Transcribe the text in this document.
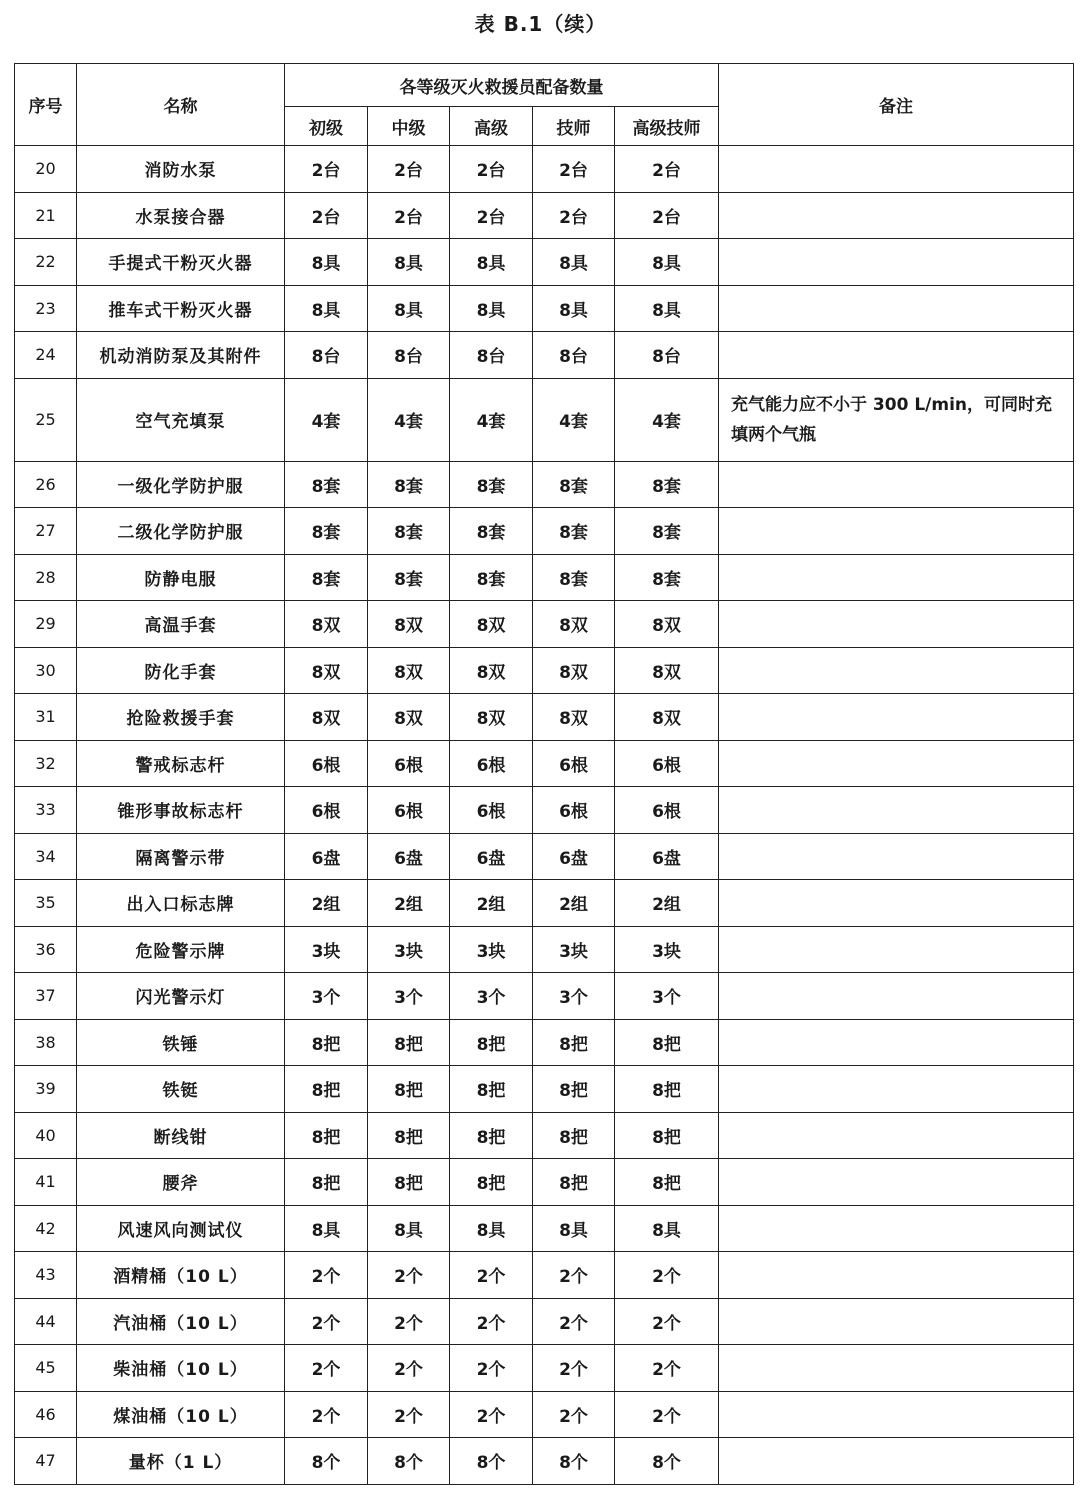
表 B.1（续）
序号	名称	各等级灭火救援员配备数量					备注
		初级	中级	高级	技师	高级技师	
20	消防水泵	2台	2台	2台	2台	2台	
21	水泵接合器	2台	2台	2台	2台	2台	
22	手提式干粉灭火器	8具	8具	8具	8具	8具	
23	推车式干粉灭火器	8具	8具	8具	8具	8具	
24	机动消防泵及其附件	8台	8台	8台	8台	8台	
25	空气充填泵	4套	4套	4套	4套	4套	充气能力应不小于 300 L/min，可同时充填两个气瓶
26	一级化学防护服	8套	8套	8套	8套	8套	
27	二级化学防护服	8套	8套	8套	8套	8套	
28	防静电服	8套	8套	8套	8套	8套	
29	高温手套	8双	8双	8双	8双	8双	
30	防化手套	8双	8双	8双	8双	8双	
31	抢险救援手套	8双	8双	8双	8双	8双	
32	警戒标志杆	6根	6根	6根	6根	6根	
33	锥形事故标志杆	6根	6根	6根	6根	6根	
34	隔离警示带	6盘	6盘	6盘	6盘	6盘	
35	出入口标志牌	2组	2组	2组	2组	2组	
36	危险警示牌	3块	3块	3块	3块	3块	
37	闪光警示灯	3个	3个	3个	3个	3个	
38	铁锤	8把	8把	8把	8把	8把	
39	铁铤	8把	8把	8把	8把	8把	
40	断线钳	8把	8把	8把	8把	8把	
41	腰斧	8把	8把	8把	8把	8把	
42	风速风向测试仪	8具	8具	8具	8具	8具	
43	酒精桶（10 L）	2个	2个	2个	2个	2个	
44	汽油桶（10 L）	2个	2个	2个	2个	2个	
45	柴油桶（10 L）	2个	2个	2个	2个	2个	
46	煤油桶（10 L）	2个	2个	2个	2个	2个	
47	量杯（1 L）	8个	8个	8个	8个	8个	
